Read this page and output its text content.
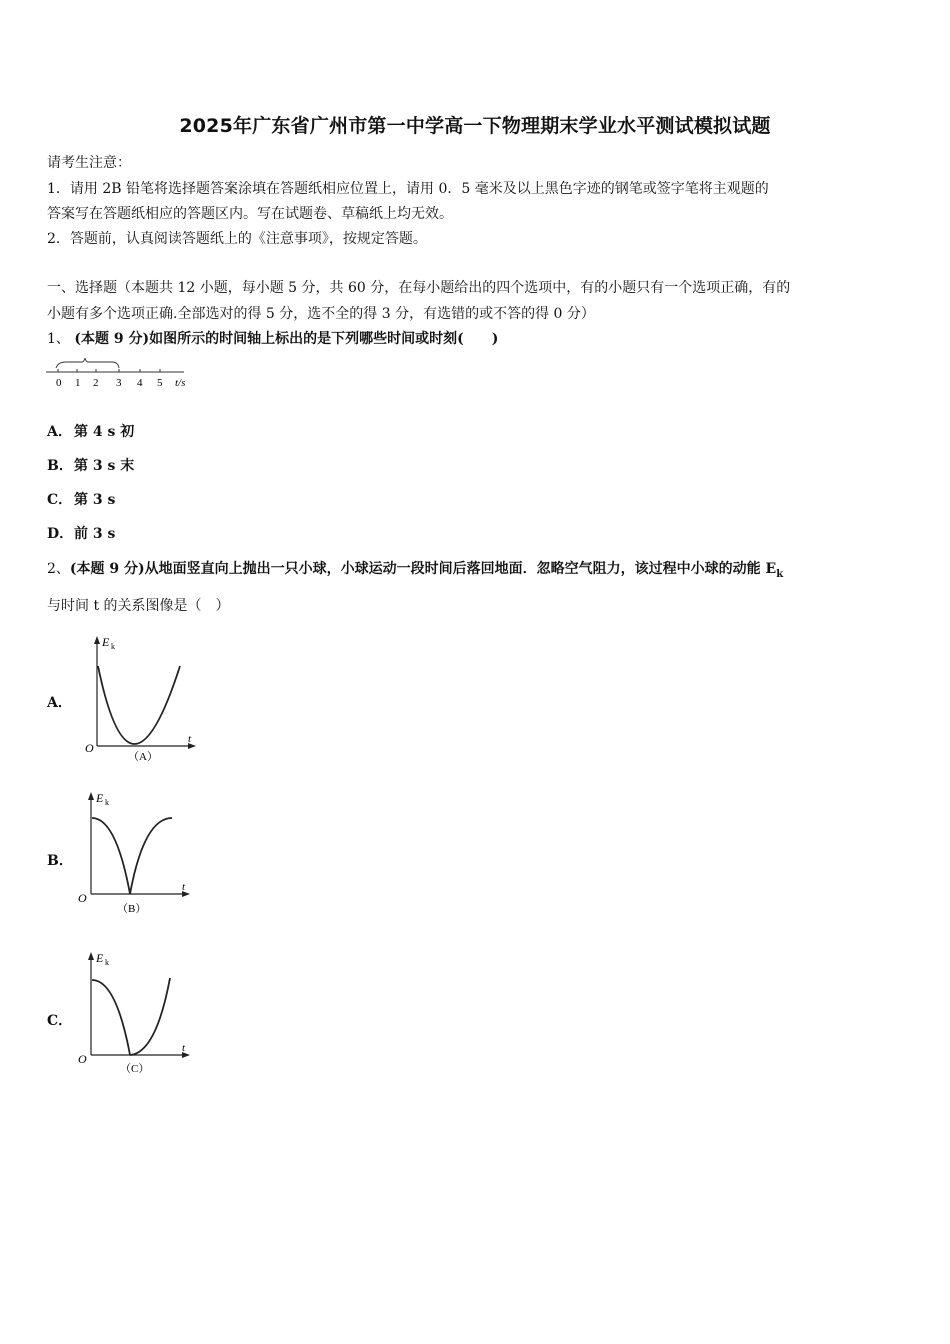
2025年广东省广州市第一中学高一下物理期末学业水平测试模拟试题
请考生注意：
1．请用 2B 铅笔将选择题答案涂填在答题纸相应位置上，请用 0．5 毫米及以上黑色字迹的钢笔或签字笔将主观题的
答案写在答题纸相应的答题区内。写在试题卷、草稿纸上均无效。
2．答题前，认真阅读答题纸上的《注意事项》，按规定答题。
一、选择题（本题共 12 小题，每小题 5 分，共 60 分，在每小题给出的四个选项中，有的小题只有一个选项正确，有的
小题有多个选项正确.全部选对的得 5 分，选不全的得 3 分，有选错的或不答的得 0 分）
1、 (本题 9 分)如图所示的时间轴上标出的是下列哪些时间或时刻(　　)
0 1 2 3 4 5 t/s
A． 第 4 s 初
B．第 3 s 末
C． 第 3 s
D．前 3 s
2、(本题 9 分)从地面竖直向上抛出一只小球，小球运动一段时间后落回地面．忽略空气阻力，该过程中小球的动能 $E_k$
与时间 t 的关系图像是（　）
A．
E k
t
O
（A）
B．
E k
t
O
（B）
C．
E k
t
O
（C）
